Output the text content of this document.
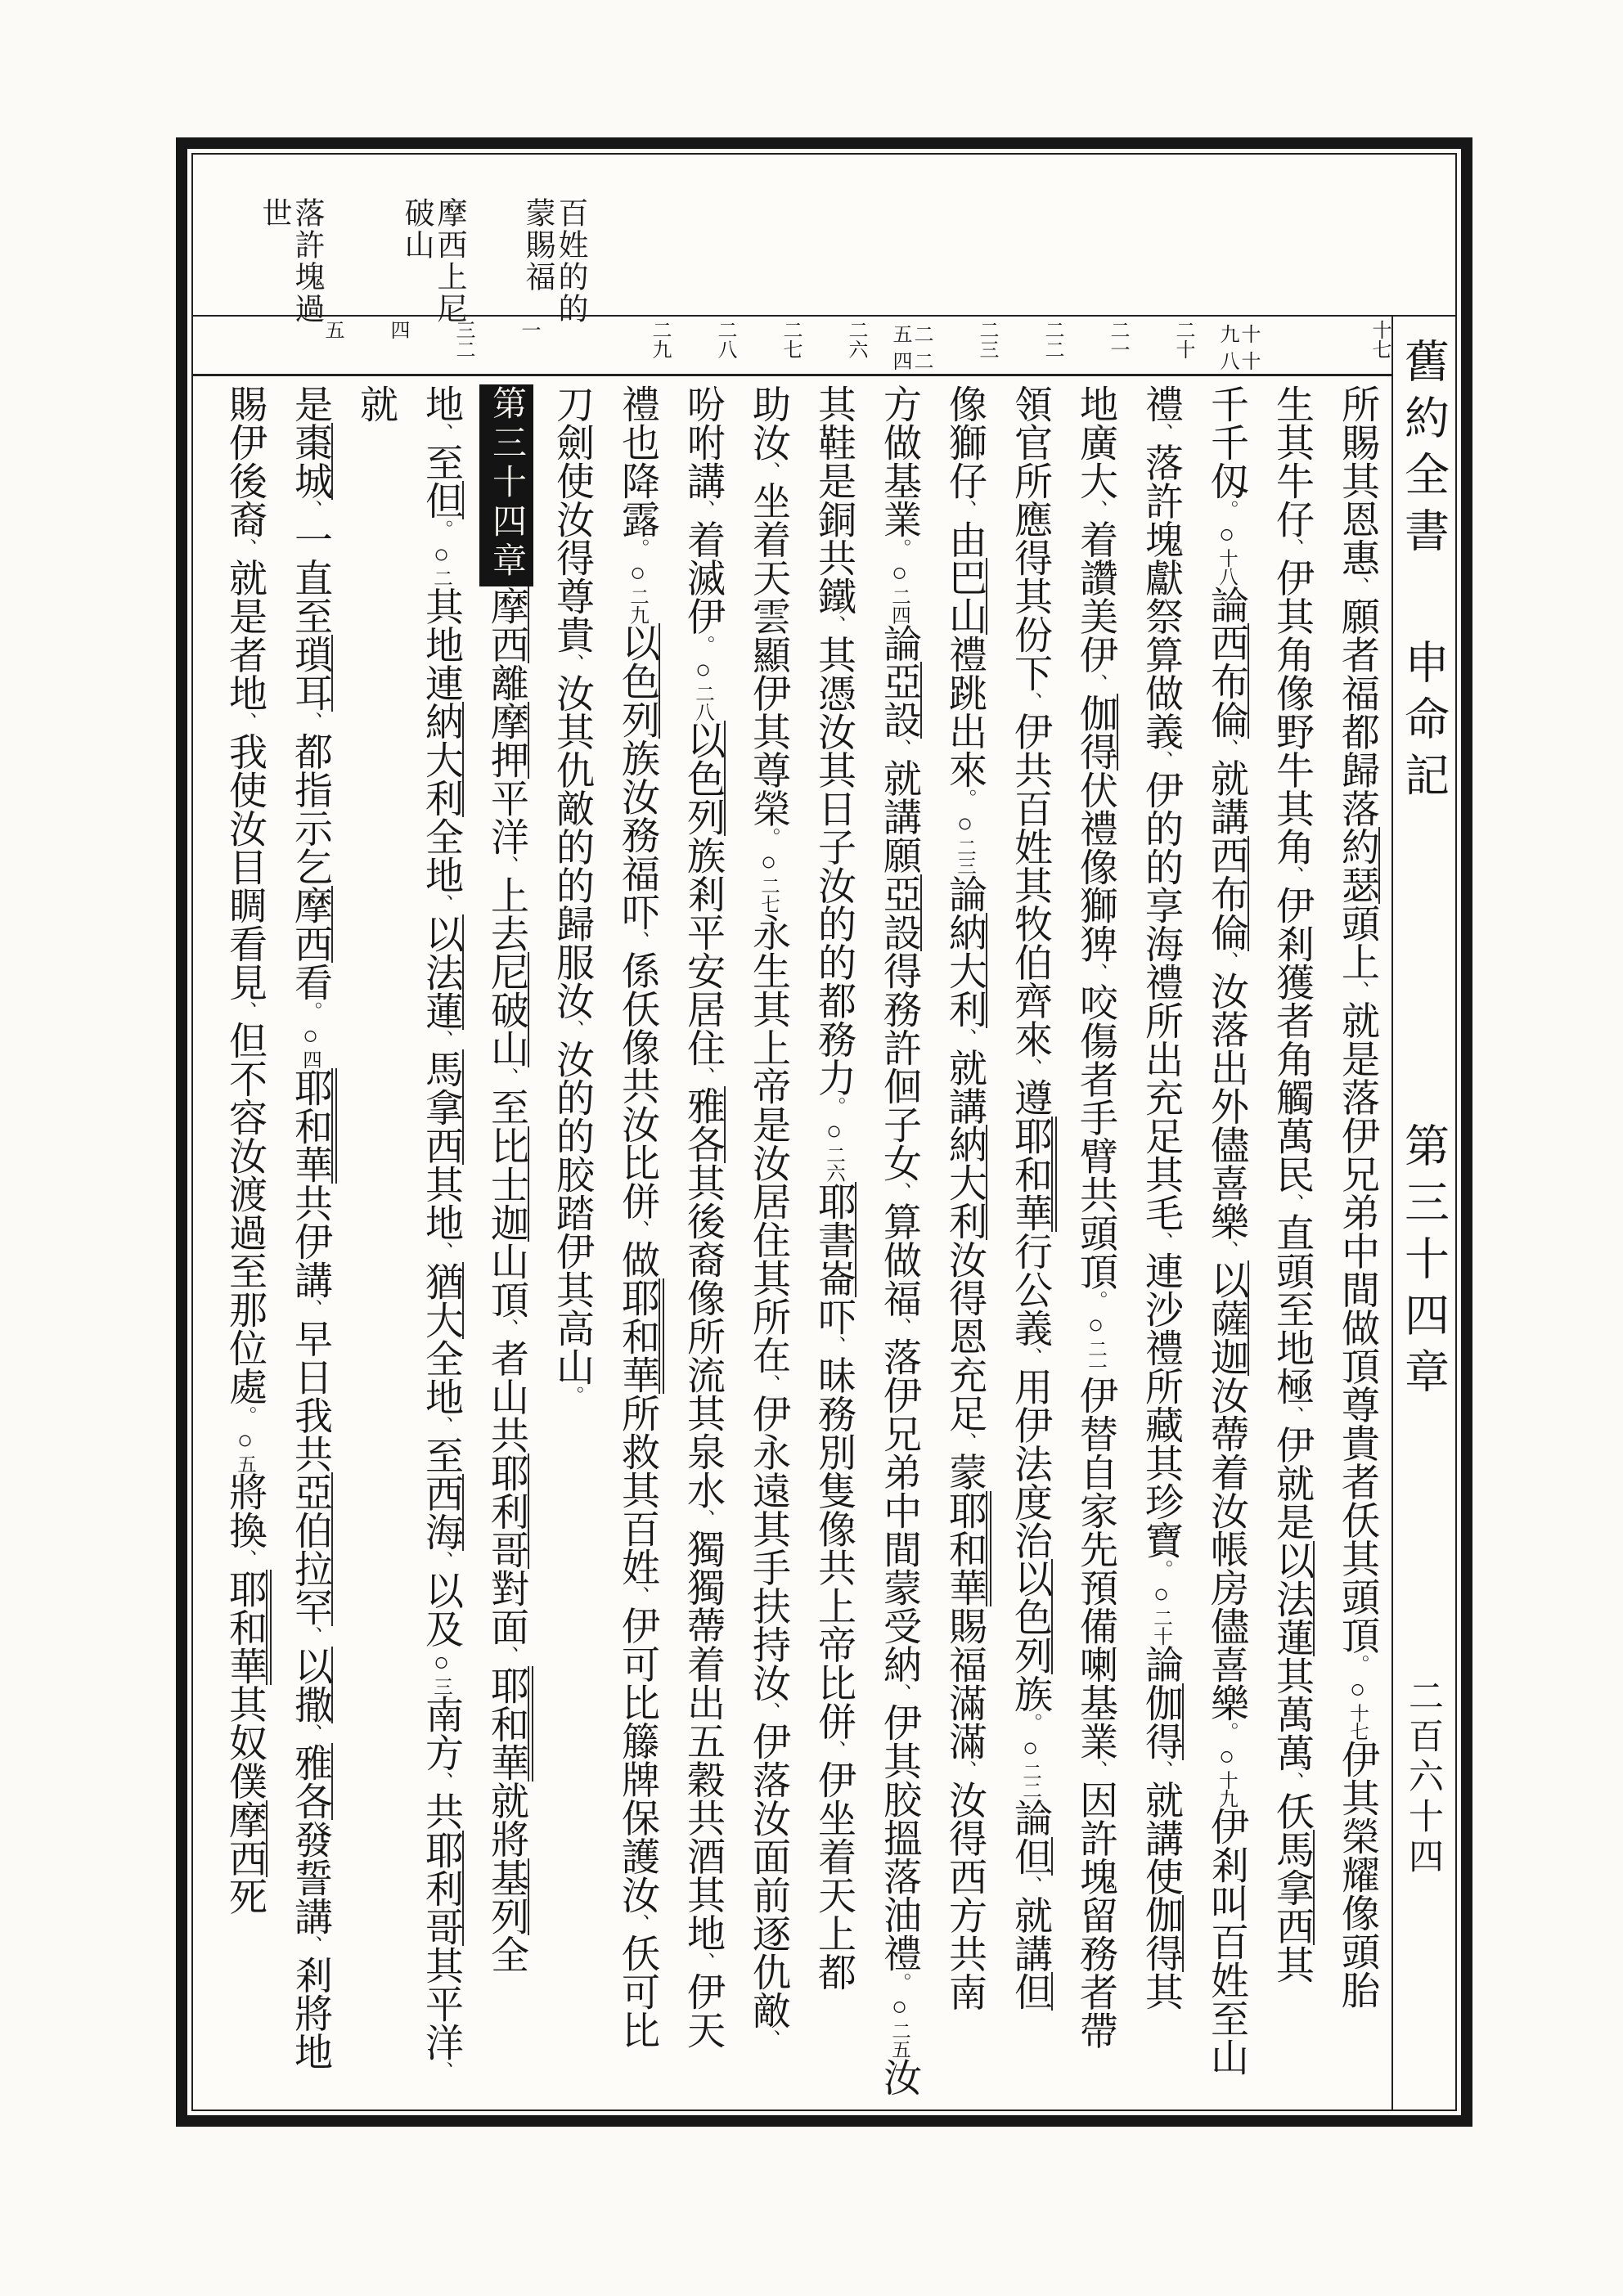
百姓的的
蒙賜福
摩西上尼
破山
落許塊過
世
十七
十八
十九
二十
二一
二二
二三
二四
二五
二六
二七
二八
二九
一
二
三
四
五
所賜其恩惠、願者福都歸落約瑟頭上、就是落伊兄弟中間做頂尊貴者仸其頭頂。○十七伊其榮耀像頭胎
生其牛仔、伊其角像野牛其角、伊剎獲者角觸萬民、直頭至地極、伊就是以法蓮其萬萬、仸馬拿西其
千千仭。○十八論西布倫、就講西布倫、汝落出外儘喜樂、以薩迦汝蔕着汝帳房儘喜樂。○十九伊剎叫百姓至山
禮、落許塊獻祭算做義、伊的的享海禮所出充足其毛、連沙禮所藏其珍寶。○二十論伽得、就講使伽得其
地廣大、着讚美伊、伽得伏禮像獅猈、咬傷者手臂共頭頂。○二一伊替自家先預備喇基業、因許塊留務者帶
領官所應得其份下、伊共百姓其牧伯齊來、遵耶和華行公義、用伊法度治以色列族。○二二論但、就講但
像獅仔、由巴山禮跳出來。○二三論納大利、就講納大利汝得恩充足、蒙耶和華賜福滿滿、汝得西方共南
方做基業。○二四論亞設、就講願亞設得務許佪子女、算做福、落伊兄弟中間蒙受納、伊其胶搵落油禮。○二五汝
其鞋是銅共鐵、其憑汝其日子汝的的都務力。○二六耶書崙吓、昧務別隻像共上帝比併、伊坐着天上都
助汝、坐着天雲顯伊其尊榮。○二七永生其上帝是汝居住其所在、伊永遠其手扶持汝、伊落汝面前逐仇敵、
吩咐講、着滅伊。○二八以色列族剎平安居住、雅各其後裔像所流其泉水、獨獨蔕着出五穀共酒其地、伊天
禮也降露。○二九以色列族汝務福吓、係仸像共汝比併、做耶和華所救其百姓、伊可比籐牌保護汝、仸可比
刀劍使汝得尊貴、汝其仇敵的的歸服汝、汝的的胶踏伊其高山。
第三十四章摩西離摩押平洋、上去尼破山、至比士迦山頂、者山共耶利哥對面、耶和華就將基列全
地、至但。○二其地連納大利全地、以法蓮、馬拿西其地、猶大全地、至西海、以及○三南方、共耶利哥其平洋、就
是棗城、一直至瑣耳、都指示乞摩西看。○四耶和華共伊講、早日我共亞伯拉罕、以撒、雅各發誓講、剎將地
賜伊後裔、就是者地、我使汝目睭看見、但不容汝渡過至那位處。○五將換、耶和華其奴僕摩西死
舊約全書 申命記 第三十四章 二百六十四
